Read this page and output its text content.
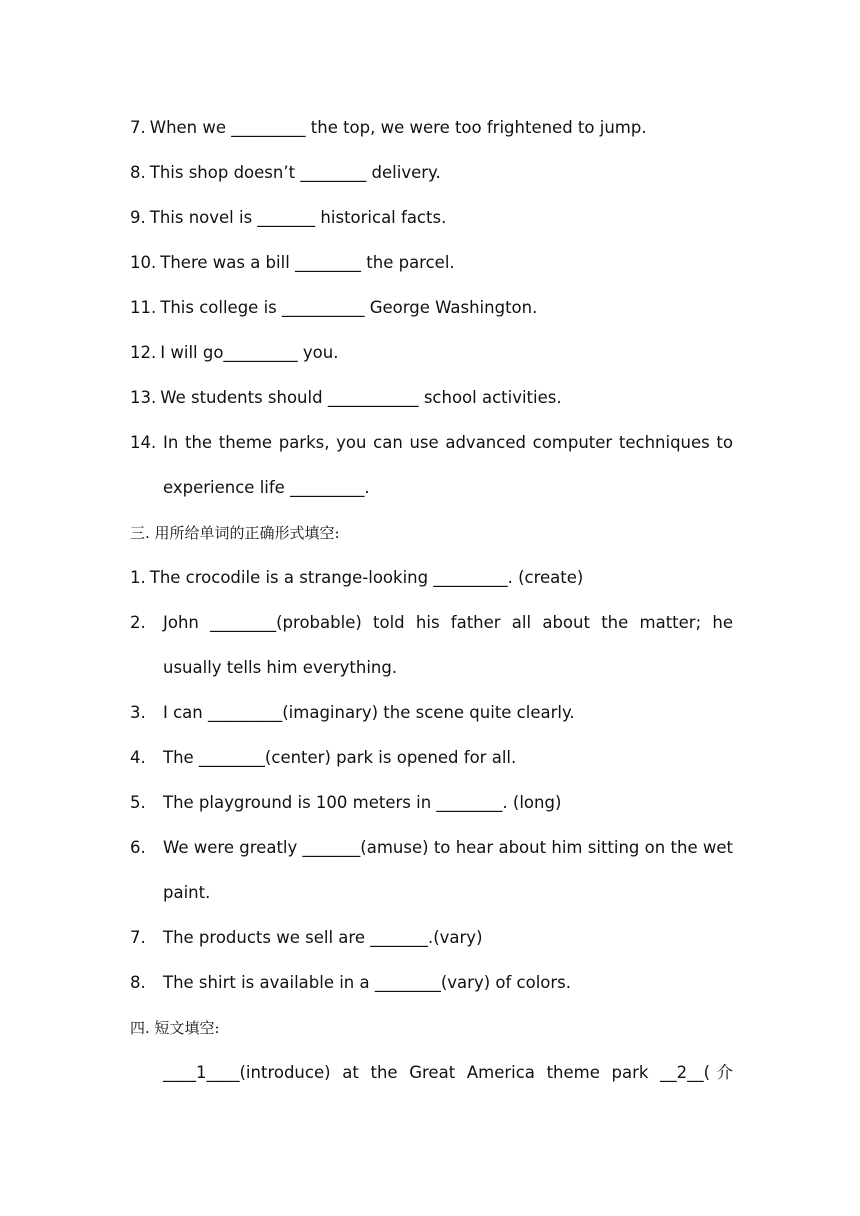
7. When we _________ the top, we were too frightened to jump.
8. This shop doesn’t ________ delivery.
9. This novel is _______ historical facts.
10. There was a bill ________ the parcel.
11. This college is __________ George Washington.
12. I will go_________ you.
13. We students should ___________ school activities.
14. In the theme parks, you can use advanced computer techniques to
experience life _________.
三. 用所给单词的正确形式填空:
1. The crocodile is a strange-looking _________. (create)
2. John ________(probable) told his father all about the matter; he
usually tells him everything.
3. I can _________(imaginary) the scene quite clearly.
4. The ________(center) park is opened for all.
5. The playground is 100 meters in ________. (long)
6. We were greatly _______(amuse) to hear about him sitting on the wet
paint.
7. The products we sell are _______.(vary)
8. The shirt is available in a ________(vary) of colors.
四. 短文填空:
____1____(introduce) at the Great America theme park __2__(介
